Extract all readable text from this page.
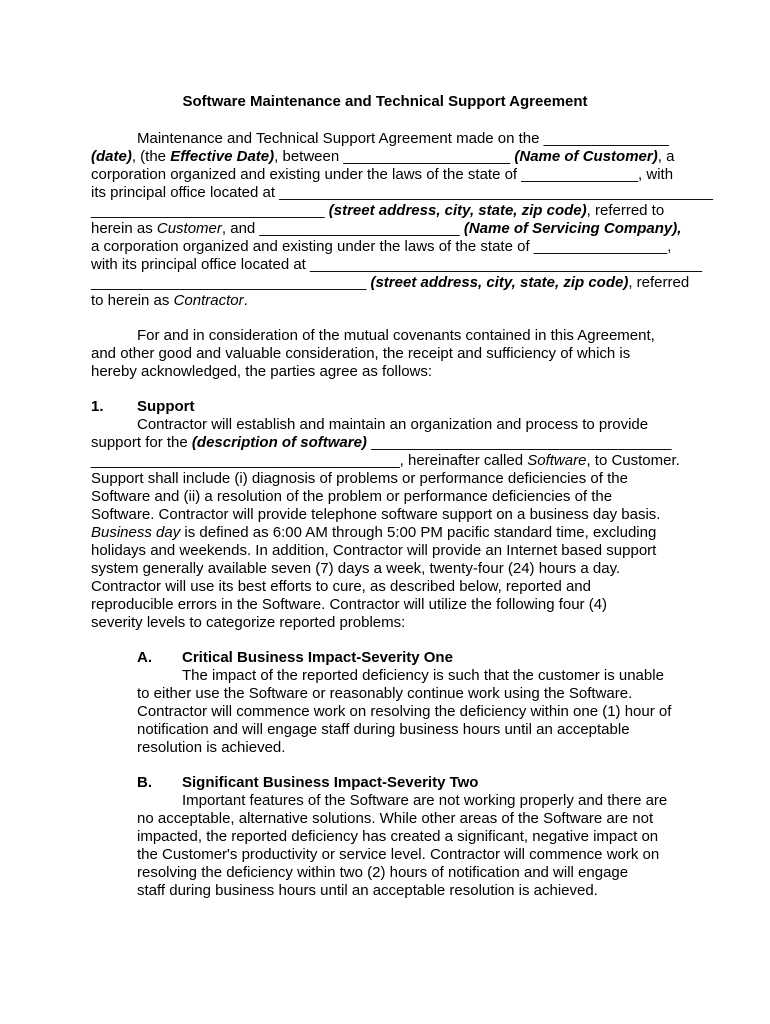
Software Maintenance and Technical Support Agreement
Maintenance and Technical Support Agreement made on the _______________
(date), (the Effective Date), between ____________________ (Name of Customer), a
corporation organized and existing under the laws of the state of ______________, with
its principal office located at ____________________________________________________
____________________________ (street address, city, state, zip code), referred to
herein as Customer, and ________________________ (Name of Servicing Company),
a corporation organized and existing under the laws of the state of ________________,
with its principal office located at _______________________________________________
_________________________________ (street address, city, state, zip code), referred
to herein as Contractor.
For and in consideration of the mutual covenants contained in this Agreement,
and other good and valuable consideration, the receipt and sufficiency of which is
hereby acknowledged, the parties agree as follows:
1. Support
Contractor will establish and maintain an organization and process to provide
support for the (description of software) ____________________________________
_____________________________________, hereinafter called Software, to Customer.
Support shall include (i) diagnosis of problems or performance deficiencies of the
Software and (ii) a resolution of the problem or performance deficiencies of the
Software. Contractor will provide telephone software support on a business day basis.
Business day is defined as 6:00 AM through 5:00 PM pacific standard time, excluding
holidays and weekends. In addition, Contractor will provide an Internet based support
system generally available seven (7) days a week, twenty-four (24) hours a day.
Contractor will use its best efforts to cure, as described below, reported and
reproducible errors in the Software. Contractor will utilize the following four (4)
severity levels to categorize reported problems:
A. Critical Business Impact-Severity One
The impact of the reported deficiency is such that the customer is unable
to either use the Software or reasonably continue work using the Software.
Contractor will commence work on resolving the deficiency within one (1) hour of
notification and will engage staff during business hours until an acceptable
resolution is achieved.
B. Significant Business Impact-Severity Two
Important features of the Software are not working properly and there are
no acceptable, alternative solutions. While other areas of the Software are not
impacted, the reported deficiency has created a significant, negative impact on
the Customer's productivity or service level. Contractor will commence work on
resolving the deficiency within two (2) hours of notification and will engage
staff during business hours until an acceptable resolution is achieved.
